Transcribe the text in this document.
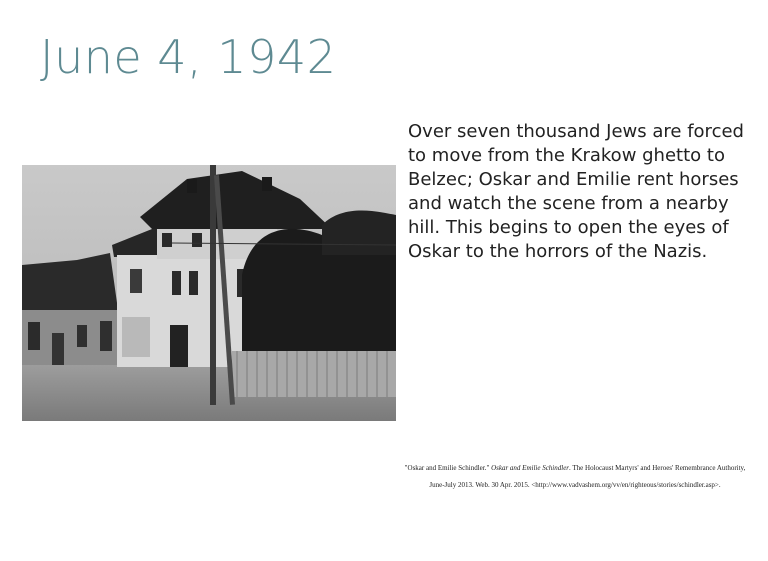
June 4, 1942
Over seven thousand Jews are forced to move from the Krakow ghetto to Belzec; Oskar and Emilie rent horses and watch the scene from a nearby hill. This begins to open the eyes of Oskar to the horrors of the Nazis.
"Oskar and Emilie Schindler." Oskar and Emilie Schindler. The Holocaust Martyrs' and Heroes' Remembrance Authority, June-July 2013. Web. 30 Apr. 2015. <http://www.vadvashem.org/vv/en/righteous/stories/schindler.asp>.
